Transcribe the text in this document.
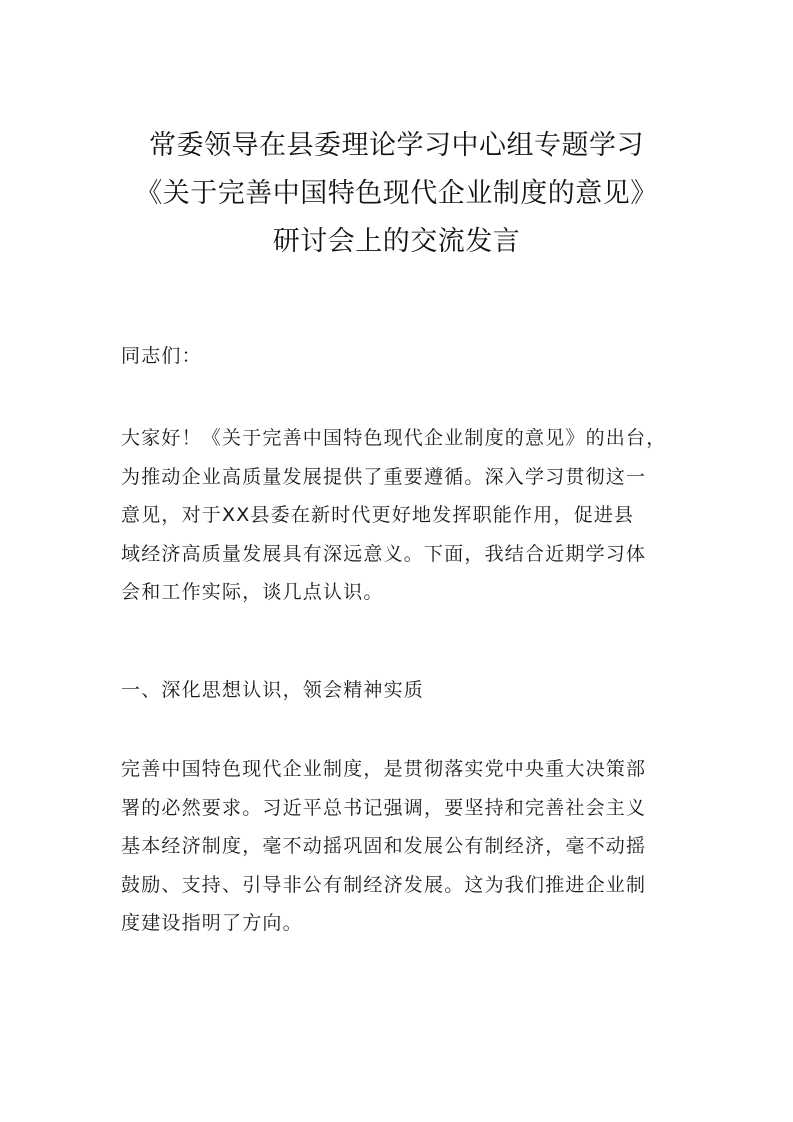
常委领导在县委理论学习中心组专题学习
《关于完善中国特色现代企业制度的意见》
研讨会上的交流发言

同志们：

大家好！《关于完善中国特色现代企业制度的意见》的出台，

为推动企业高质量发展提供了重要遵循。深入学习贯彻这一

意见，对于XX县委在新时代更好地发挥职能作用，促进县

域经济高质量发展具有深远意义。下面，我结合近期学习体

会和工作实际，谈几点认识。

一、深化思想认识，领会精神实质

完善中国特色现代企业制度，是贯彻落实党中央重大决策部

署的必然要求。习近平总书记强调，要坚持和完善社会主义

基本经济制度，毫不动摇巩固和发展公有制经济，毫不动摇

鼓励、支持、引导非公有制经济发展。这为我们推进企业制

度建设指明了方向。
